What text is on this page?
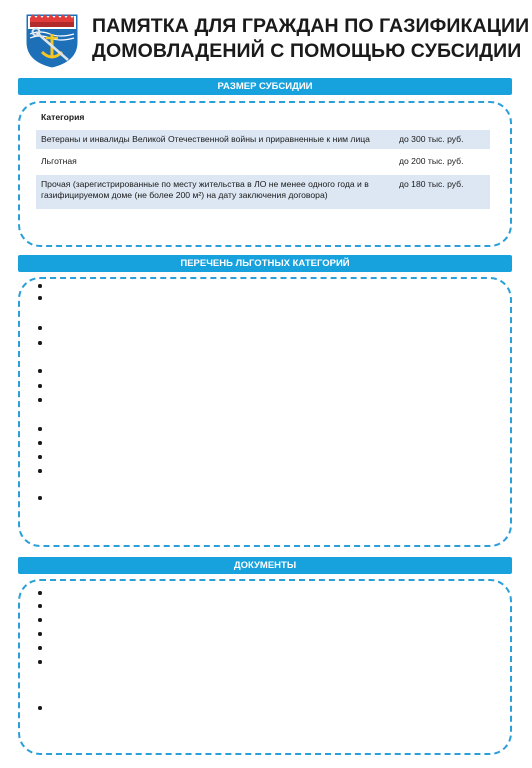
ПАМЯТКА ДЛЯ ГРАЖДАН ПО ГАЗИФИКАЦИИ
ДОМОВЛАДЕНИЙ С ПОМОЩЬЮ СУБСИДИИ
РАЗМЕР СУБСИДИИ
Категория	
Ветераны и инвалиды Великой Отечественной войны и приравненные к ним лица	до 300 тыс. руб.
Льготная	до 200 тыс. руб.
Прочая (зарегистрированные по месту жительства в ЛО не менее одного года и в газифицируемом доме (не более 200 м²) на дату заключения договора)	до 180 тыс. руб.
ПЕРЕЧЕНЬ ЛЬГОТНЫХ КАТЕГОРИЙ
ДОКУМЕНТЫ
